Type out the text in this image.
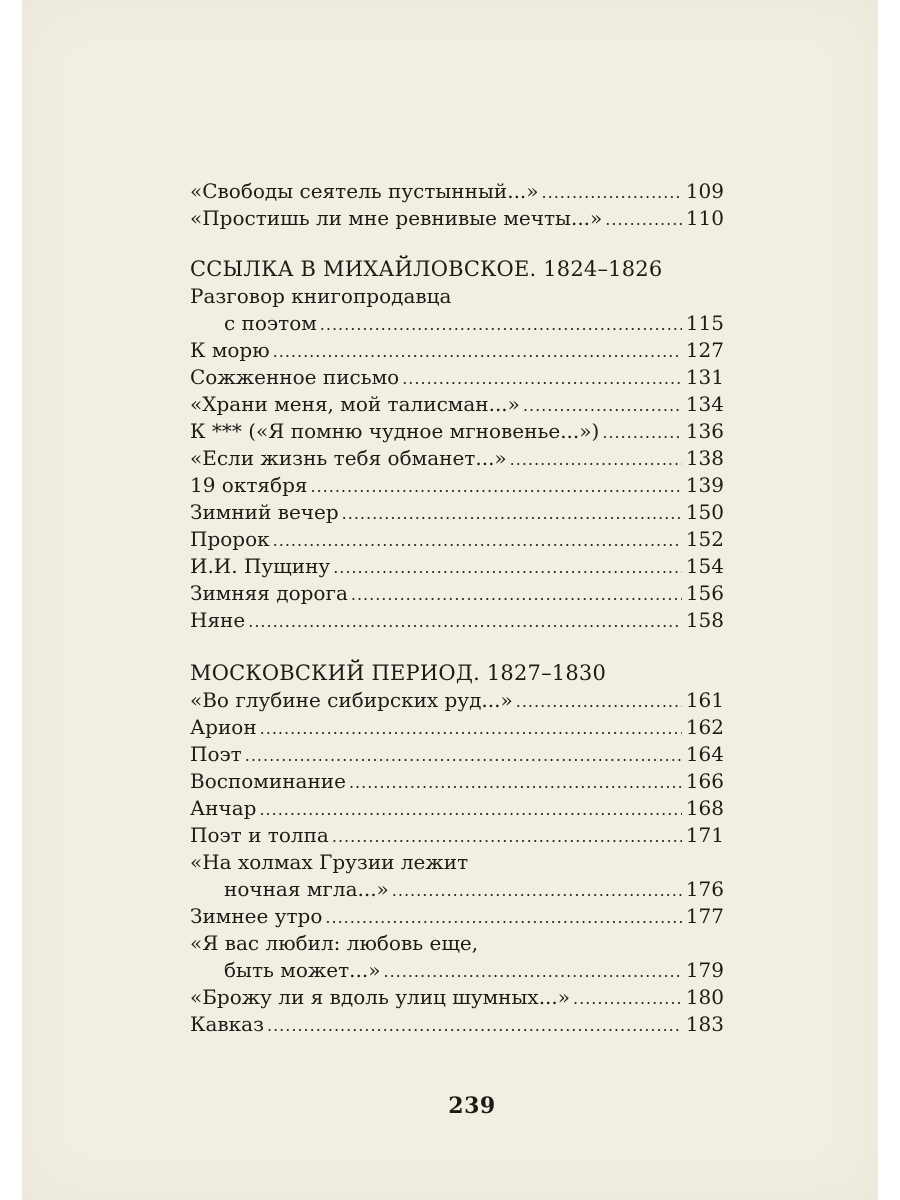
«Свободы сеятель пустынный...» .....	109
«Простишь ли мне ревнивые мечты...» .....	110
ССЫЛКА В МИХАЙЛОВСКОЕ. 1824–1826
Разговор книгопродавца
с поэтом .....	115
К морю .....	127
Сожженное письмо .....	131
«Храни меня, мой талисман...» .....	134
К *** («Я помню чудное мгновенье...») .....	136
«Если жизнь тебя обманет...» .....	138
19 октября .....	139
Зимний вечер .....	150
Пророк .....	152
И.И. Пущину .....	154
Зимняя дорога .....	156
Няне .....	158
МОСКОВСКИЙ ПЕРИОД. 1827–1830
«Во глубине сибирских руд...» .....	161
Арион .....	162
Поэт .....	164
Воспоминание .....	166
Анчар .....	168
Поэт и толпа .....	171
«На холмах Грузии лежит
ночная мгла...» .....	176
Зимнее утро .....	177
«Я вас любил: любовь еще,
быть может...» .....	179
«Брожу ли я вдоль улиц шумных...» .....	180
Кавказ .....	183
239
